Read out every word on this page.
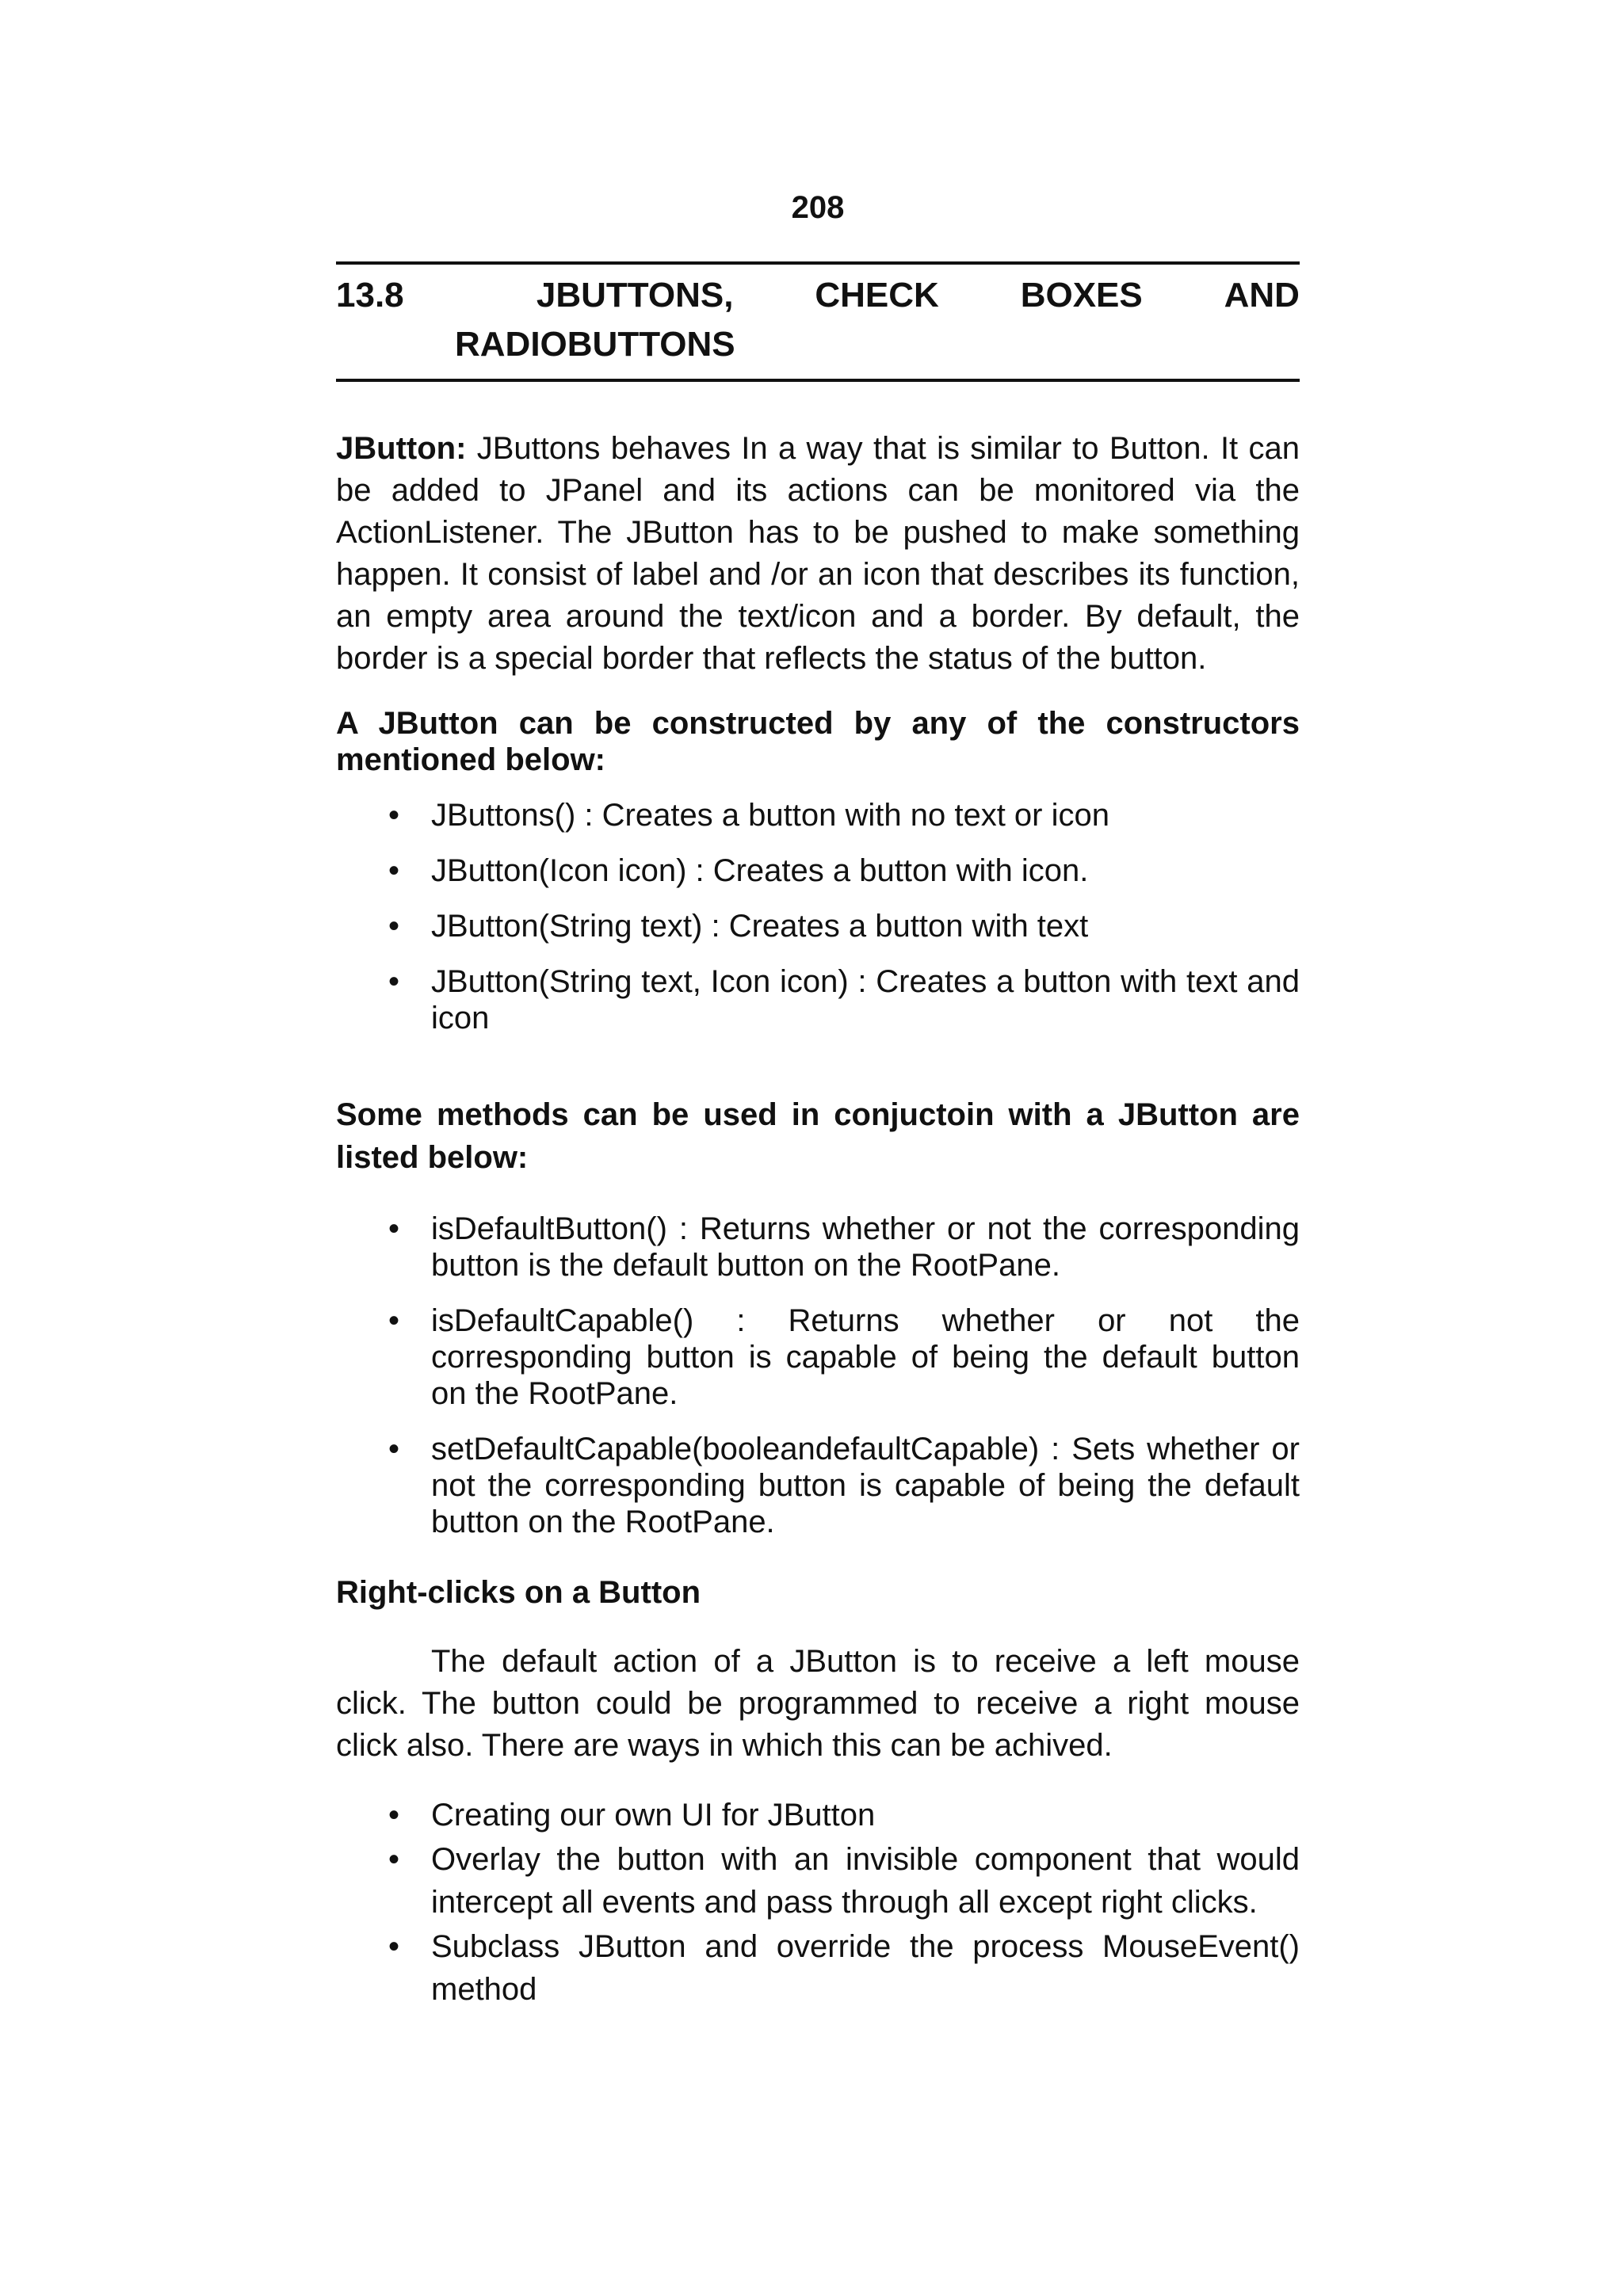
208
13.8	JBUTTONS, CHECK BOXES AND
RADIOBUTTONS

JButton: JButtons behaves In a way that is similar to Button. It can be added to JPanel and its actions can be monitored via the ActionListener. The JButton has to be pushed to make something happen. It consist of label and /or an icon that describes its function, an empty area around the text/icon and a border. By default, the border is a special border that reflects the status of the button.

A JButton can be constructed by any of the constructors mentioned below:

• JButtons() : Creates a button with no text or icon
• JButton(Icon icon) : Creates a button with icon.
• JButton(String text) : Creates a button with text
• JButton(String text, Icon icon) : Creates a button with text and icon

Some methods can be used in conjuctoin with a JButton are listed below:

• isDefaultButton() : Returns whether or not the corresponding button is the default button on the RootPane.
• isDefaultCapable() : Returns whether or not the corresponding button is capable of being the default button on the RootPane.
• setDefaultCapable(booleandefaultCapable) : Sets whether or not the corresponding button is capable of being the default button on the RootPane.

Right-clicks on a Button

The default action of a JButton is to receive a left mouse click. The button could be programmed to receive a right mouse click also. There are ways in which this can be achived.

• Creating our own UI for JButton
• Overlay the button with an invisible component that would intercept all events and pass through all except right clicks.
• Subclass JButton and override the process MouseEvent() method
